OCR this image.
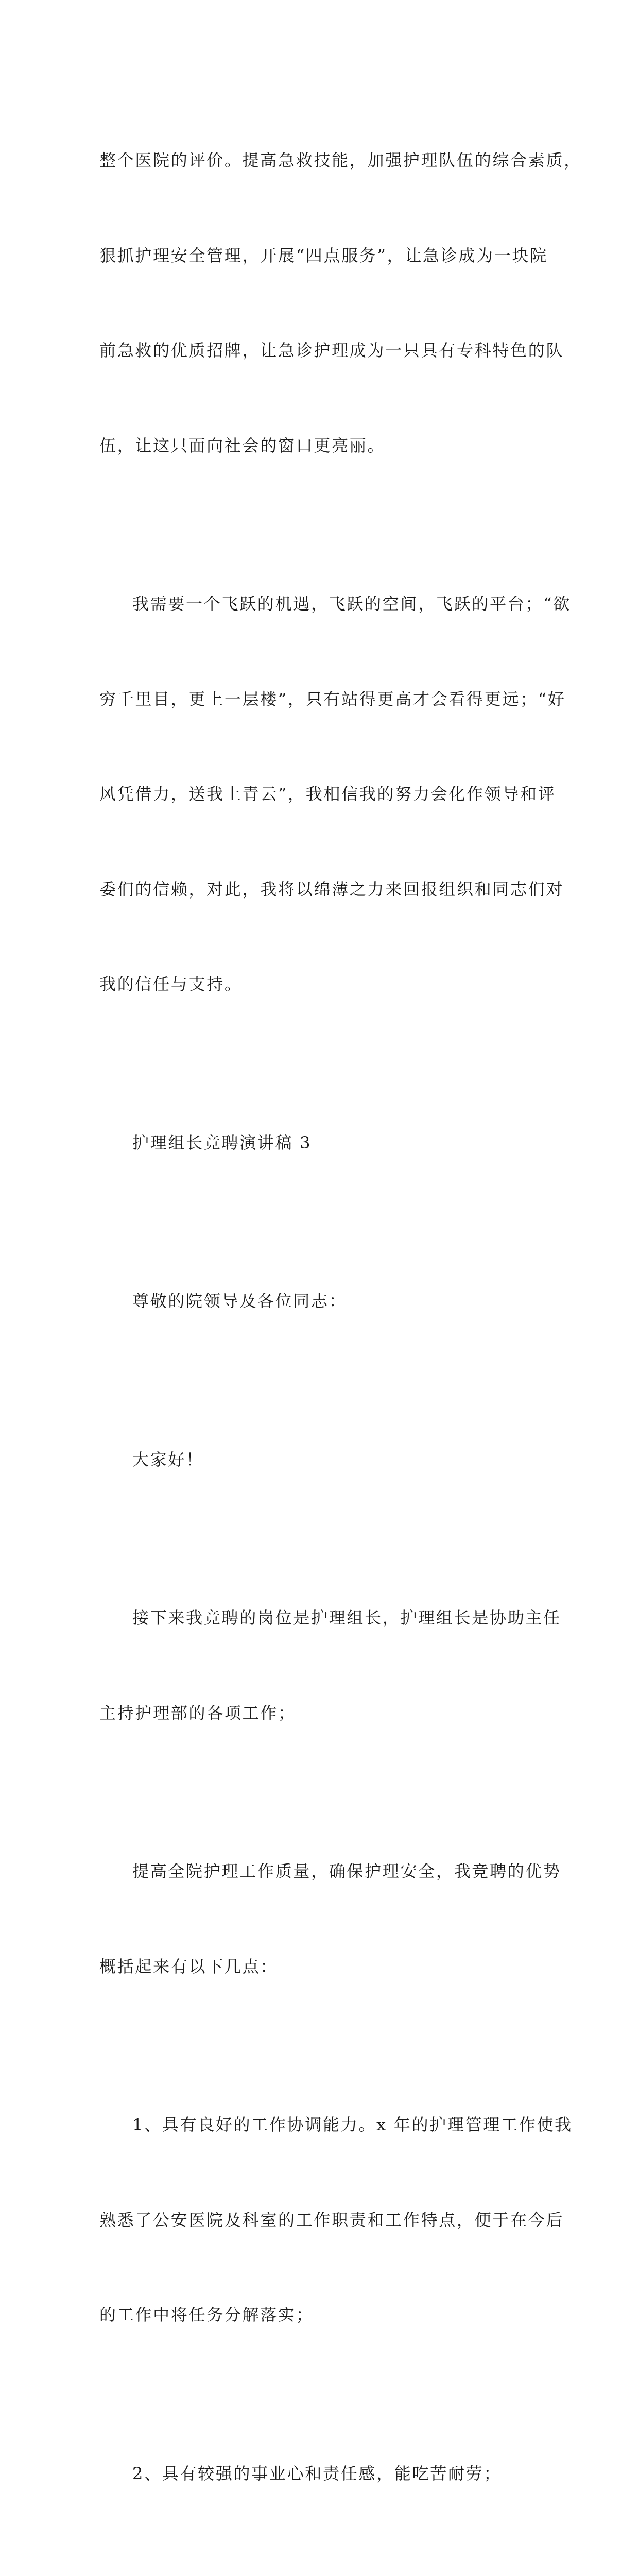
整个医院的评价。提高急救技能，加强护理队伍的综合素质，

狠抓护理安全管理，开展“四点服务”，让急诊成为一块院

前急救的优质招牌，让急诊护理成为一只具有专科特色的队

伍，让这只面向社会的窗口更亮丽。

我需要一个飞跃的机遇，飞跃的空间，飞跃的平台；“欲

穷千里目，更上一层楼”，只有站得更高才会看得更远；“好

风凭借力，送我上青云”，我相信我的努力会化作领导和评

委们的信赖，对此，我将以绵薄之力来回报组织和同志们对

我的信任与支持。

护理组长竞聘演讲稿 3

尊敬的院领导及各位同志：

大家好！

接下来我竞聘的岗位是护理组长，护理组长是协助主任

主持护理部的各项工作；

提高全院护理工作质量，确保护理安全，我竞聘的优势

概括起来有以下几点：

1、具有良好的工作协调能力。x 年的护理管理工作使我

熟悉了公安医院及科室的工作职责和工作特点，便于在今后

的工作中将任务分解落实；

2、具有较强的事业心和责任感，能吃苦耐劳；
